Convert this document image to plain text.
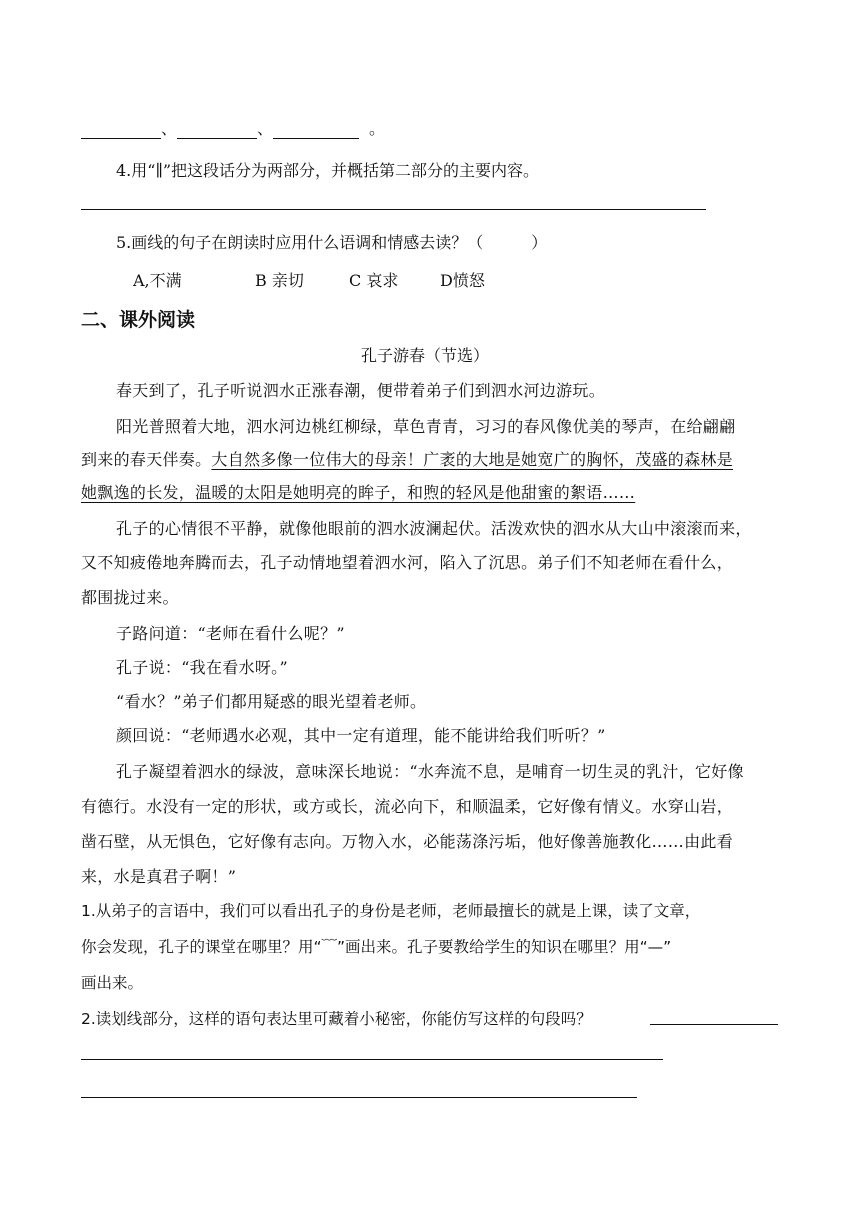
、	、	。
4.用“∥”把这段话分为两部分，并概括第二部分的主要内容。
5.画线的句子在朗读时应用什么语调和情感去读？（　　　）
A,不满	B 亲切	C 哀求	D愤怒
二、课外阅读
孔子游春（节选）
春天到了，孔子听说泗水正涨春潮，便带着弟子们到泗水河边游玩。
阳光普照着大地，泗水河边桃红柳绿，草色青青，习习的春风像优美的琴声，在给翩翩
到来的春天伴奏。大自然多像一位伟大的母亲！广袤的大地是她宽广的胸怀，茂盛的森林是
她飘逸的长发，温暖的太阳是她明亮的眸子，和煦的轻风是他甜蜜的絮语……
孔子的心情很不平静，就像他眼前的泗水波澜起伏。活泼欢快的泗水从大山中滚滚而来，
又不知疲倦地奔腾而去，孔子动情地望着泗水河，陷入了沉思。弟子们不知老师在看什么，
都围拢过来。
子路问道：“老师在看什么呢？”
孔子说：“我在看水呀。”
“看水？”弟子们都用疑惑的眼光望着老师。
颜回说：“老师遇水必观，其中一定有道理，能不能讲给我们听听？”
孔子凝望着泗水的绿波，意味深长地说：“水奔流不息，是哺育一切生灵的乳汁，它好像
有德行。水没有一定的形状，或方或长，流必向下，和顺温柔，它好像有情义。水穿山岩，
凿石壁，从无惧色，它好像有志向。万物入水，必能荡涤污垢，他好像善施教化……由此看
来，水是真君子啊！”
1.从弟子的言语中，我们可以看出孔子的身份是老师，老师最擅长的就是上课，读了文章，
你会发现，孔子的课堂在哪里？用“﹋”画出来。孔子要教给学生的知识在哪里？用“—”
画出来。
2.读划线部分，这样的语句表达里可藏着小秘密，你能仿写这样的句段吗？
